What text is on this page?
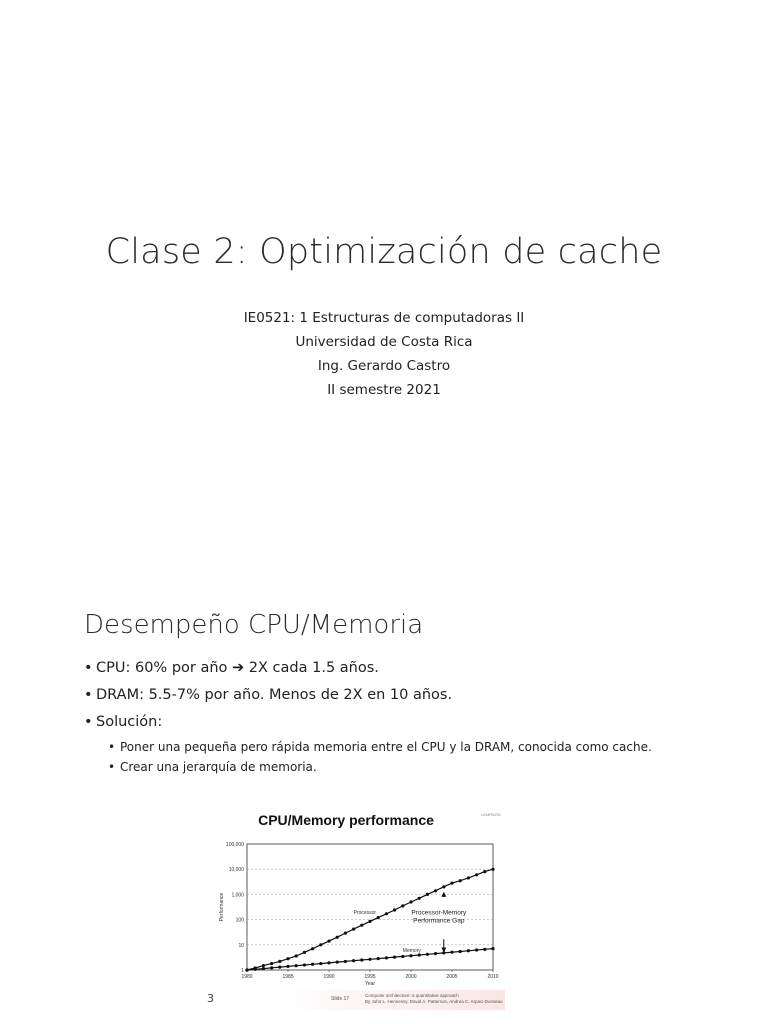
Clase 2: Optimización de cache
IE0521: 1 Estructuras de computadoras II
Universidad de Costa Rica
Ing. Gerardo Castro
II semestre 2021
Desempeño CPU/Memoria
• CPU: 60% por año ➔ 2X cada 1.5 años.
• DRAM: 5.5-7% por año. Menos de 2X en 10 años.
• Solución:
• Poner una pequeña pero rápida memoria entre el CPU y la DRAM, conocida como cache.
• Crear una jerarquía de memoria.
CPU/Memory performance	LIN4R5231
1
10
100
1,000
10,000
100,000
1980	1985	1990	1995	2000	2005	2010
Year
Performance	Processor
Memory
Processor-Memory
Performance Gap
3	Slide 17
Computer architecture: a quantitative approach
By John L. Hennessy, David A. Patterson, Andrea C. Arpaci-Dusseau
